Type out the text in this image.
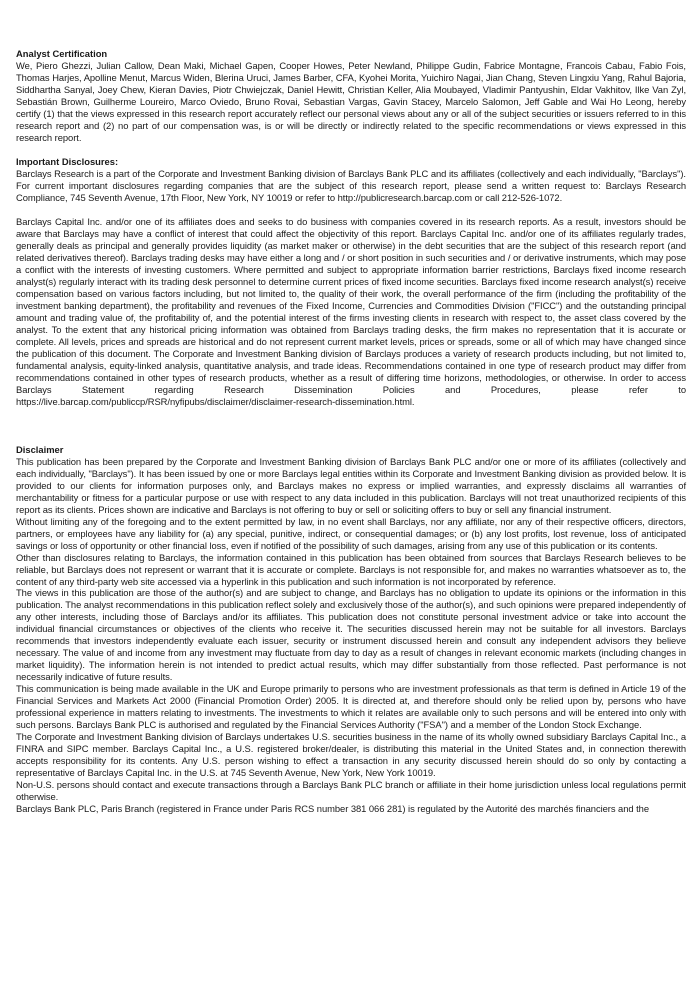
Analyst Certification

We, Piero Ghezzi, Julian Callow, Dean Maki, Michael Gapen, Cooper Howes, Peter Newland, Philippe Gudin, Fabrice Montagne, Francois Cabau, Fabio Fois, Thomas Harjes, Apolline Menut, Marcus Widen, Blerina Uruci, James Barber, CFA, Kyohei Morita, Yuichiro Nagai, Jian Chang, Steven Lingxiu Yang, Rahul Bajoria, Siddhartha Sanyal, Joey Chew, Kieran Davies, Piotr Chwiejczak, Daniel Hewitt, Christian Keller, Alia Moubayed, Vladimir Pantyushin, Eldar Vakhitov, Ilke Van Zyl, Sebastián Brown, Guilherme Loureiro, Marco Oviedo, Bruno Rovai, Sebastian Vargas, Gavin Stacey, Marcelo Salomon, Jeff Gable and Wai Ho Leong, hereby certify (1) that the views expressed in this research report accurately reflect our personal views about any or all of the subject securities or issuers referred to in this research report and (2) no part of our compensation was, is or will be directly or indirectly related to the specific recommendations or views expressed in this research report.

Important Disclosures:

Barclays Research is a part of the Corporate and Investment Banking division of Barclays Bank PLC and its affiliates (collectively and each individually, "Barclays"). For current important disclosures regarding companies that are the subject of this research report, please send a written request to: Barclays Research Compliance, 745 Seventh Avenue, 17th Floor, New York, NY 10019 or refer to http://publicresearch.barcap.com or call 212-526-1072.

Barclays Capital Inc. and/or one of its affiliates does and seeks to do business with companies covered in its research reports. As a result, investors should be aware that Barclays may have a conflict of interest that could affect the objectivity of this report. Barclays Capital Inc. and/or one of its affiliates regularly trades, generally deals as principal and generally provides liquidity (as market maker or otherwise) in the debt securities that are the subject of this research report (and related derivatives thereof). Barclays trading desks may have either a long and / or short position in such securities and / or derivative instruments, which may pose a conflict with the interests of investing customers. Where permitted and subject to appropriate information barrier restrictions, Barclays fixed income research analyst(s) regularly interact with its trading desk personnel to determine current prices of fixed income securities. Barclays fixed income research analyst(s) receive compensation based on various factors including, but not limited to, the quality of their work, the overall performance of the firm (including the profitability of the investment banking department), the profitability and revenues of the Fixed Income, Currencies and Commodities Division ("FICC") and the outstanding principal amount and trading value of, the profitability of, and the potential interest of the firms investing clients in research with respect to, the asset class covered by the analyst. To the extent that any historical pricing information was obtained from Barclays trading desks, the firm makes no representation that it is accurate or complete. All levels, prices and spreads are historical and do not represent current market levels, prices or spreads, some or all of which may have changed since the publication of this document. The Corporate and Investment Banking division of Barclays produces a variety of research products including, but not limited to, fundamental analysis, equity-linked analysis, quantitative analysis, and trade ideas. Recommendations contained in one type of research product may differ from recommendations contained in other types of research products, whether as a result of differing time horizons, methodologies, or otherwise. In order to access Barclays Statement regarding Research Dissemination Policies and Procedures, please refer to https://live.barcap.com/publiccp/RSR/nyfipubs/disclaimer/disclaimer-research-dissemination.html.

Disclaimer

This publication has been prepared by the Corporate and Investment Banking division of Barclays Bank PLC and/or one or more of its affiliates (collectively and each individually, "Barclays"). It has been issued by one or more Barclays legal entities within its Corporate and Investment Banking division as provided below. It is provided to our clients for information purposes only, and Barclays makes no express or implied warranties, and expressly disclaims all warranties of merchantability or fitness for a particular purpose or use with respect to any data included in this publication. Barclays will not treat unauthorized recipients of this report as its clients. Prices shown are indicative and Barclays is not offering to buy or sell or soliciting offers to buy or sell any financial instrument.

Without limiting any of the foregoing and to the extent permitted by law, in no event shall Barclays, nor any affiliate, nor any of their respective officers, directors, partners, or employees have any liability for (a) any special, punitive, indirect, or consequential damages; or (b) any lost profits, lost revenue, loss of anticipated savings or loss of opportunity or other financial loss, even if notified of the possibility of such damages, arising from any use of this publication or its contents.

Other than disclosures relating to Barclays, the information contained in this publication has been obtained from sources that Barclays Research believes to be reliable, but Barclays does not represent or warrant that it is accurate or complete. Barclays is not responsible for, and makes no warranties whatsoever as to, the content of any third-party web site accessed via a hyperlink in this publication and such information is not incorporated by reference.

The views in this publication are those of the author(s) and are subject to change, and Barclays has no obligation to update its opinions or the information in this publication. The analyst recommendations in this publication reflect solely and exclusively those of the author(s), and such opinions were prepared independently of any other interests, including those of Barclays and/or its affiliates. This publication does not constitute personal investment advice or take into account the individual financial circumstances or objectives of the clients who receive it. The securities discussed herein may not be suitable for all investors. Barclays recommends that investors independently evaluate each issuer, security or instrument discussed herein and consult any independent advisors they believe necessary. The value of and income from any investment may fluctuate from day to day as a result of changes in relevant economic markets (including changes in market liquidity). The information herein is not intended to predict actual results, which may differ substantially from those reflected. Past performance is not necessarily indicative of future results.

This communication is being made available in the UK and Europe primarily to persons who are investment professionals as that term is defined in Article 19 of the Financial Services and Markets Act 2000 (Financial Promotion Order) 2005. It is directed at, and therefore should only be relied upon by, persons who have professional experience in matters relating to investments. The investments to which it relates are available only to such persons and will be entered into only with such persons. Barclays Bank PLC is authorised and regulated by the Financial Services Authority ("FSA") and a member of the London Stock Exchange.

The Corporate and Investment Banking division of Barclays undertakes U.S. securities business in the name of its wholly owned subsidiary Barclays Capital Inc., a FINRA and SIPC member. Barclays Capital Inc., a U.S. registered broker/dealer, is distributing this material in the United States and, in connection therewith accepts responsibility for its contents. Any U.S. person wishing to effect a transaction in any security discussed herein should do so only by contacting a representative of Barclays Capital Inc. in the U.S. at 745 Seventh Avenue, New York, New York 10019.

Non-U.S. persons should contact and execute transactions through a Barclays Bank PLC branch or affiliate in their home jurisdiction unless local regulations permit otherwise.

Barclays Bank PLC, Paris Branch (registered in France under Paris RCS number 381 066 281) is regulated by the Autorité des marchés financiers and the
